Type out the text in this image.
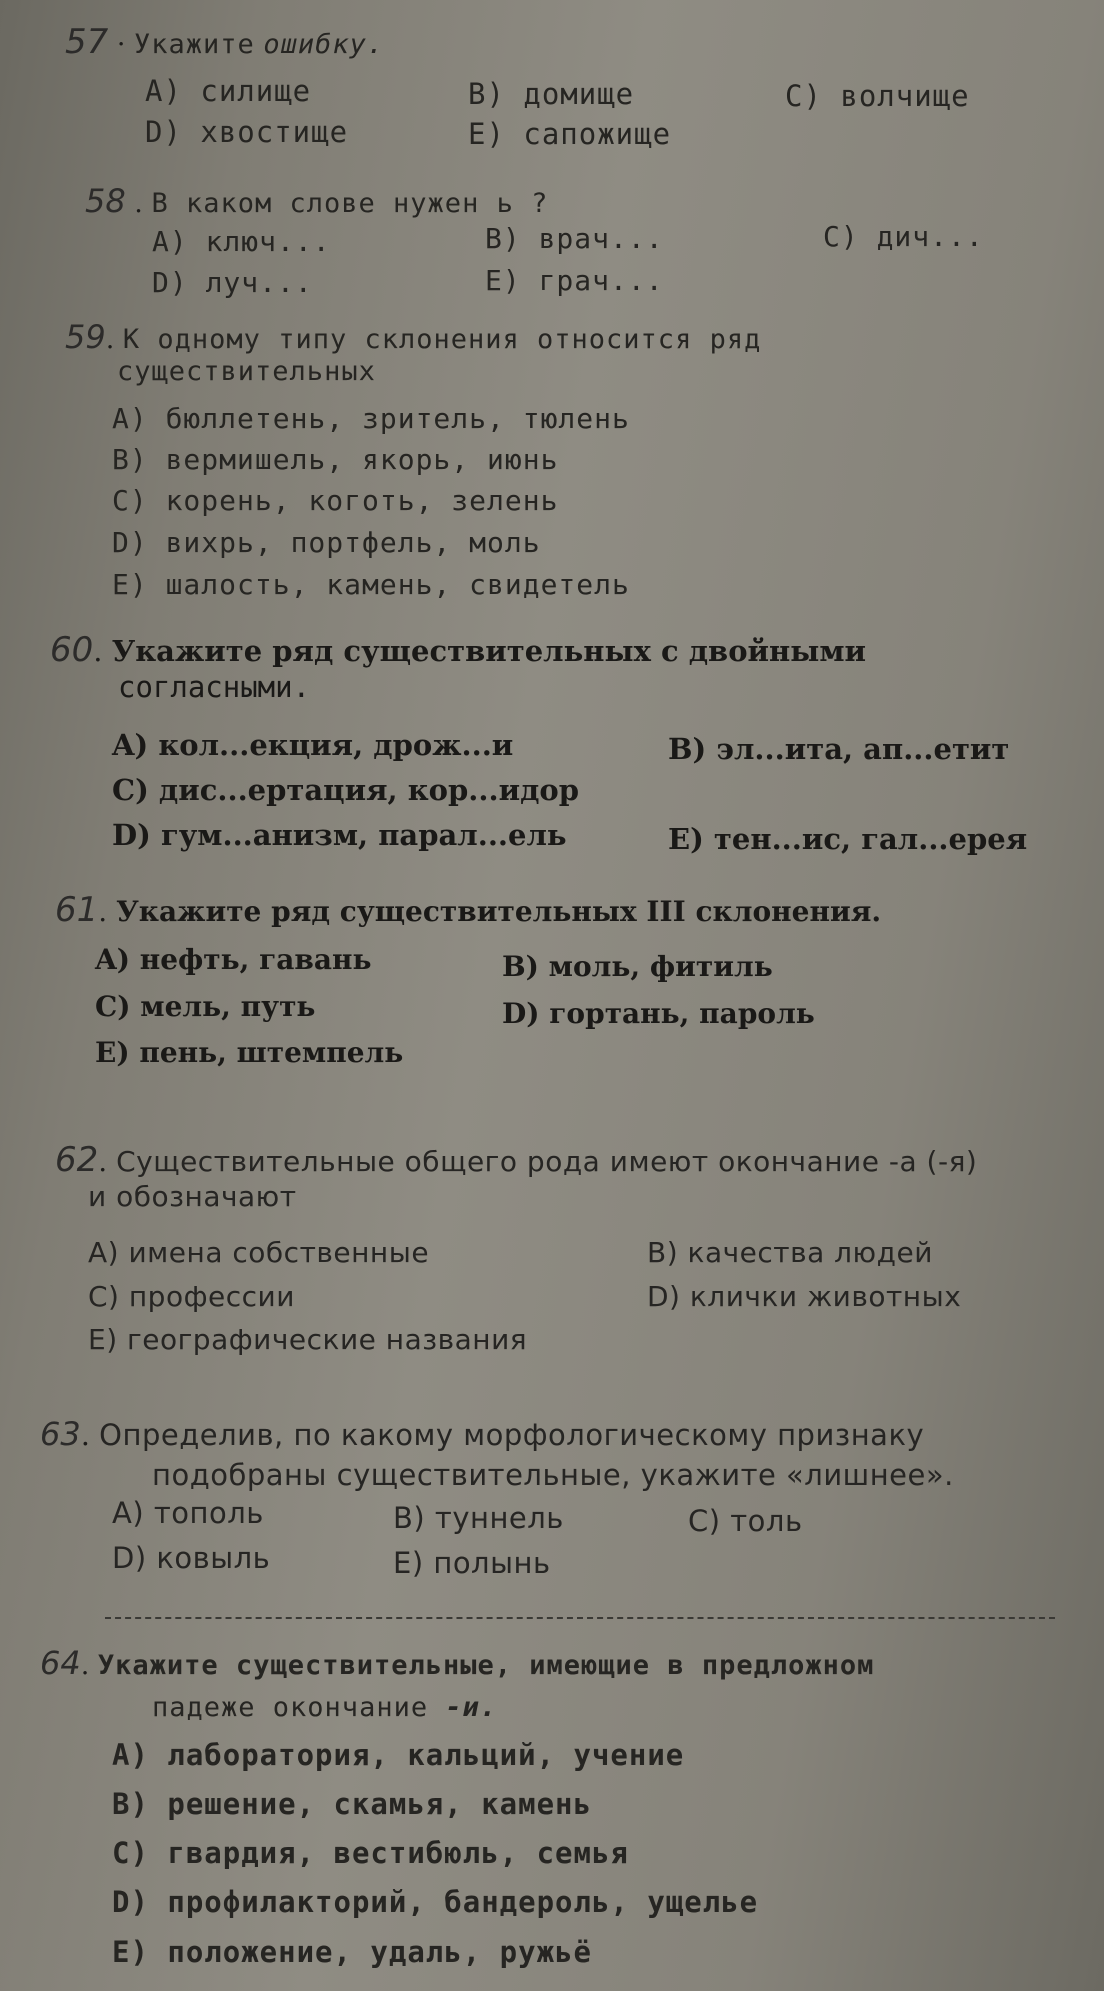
57 · Укажите ошибку.
A) силище	B) домище	C) волчище
D) хвостище	E) сапожище
58 . В каком слове нужен ь ?
A) ключ...	B) врач...	C) дич...
D) луч...	E) грач...
59. К одному типу склонения относится ряд
существительных
A) бюллетень, зритель, тюлень
B) вермишель, якорь, июнь
C) корень, коготь, зелень
D) вихрь, портфель, моль
E) шалость, камень, свидетель
60. Укажите ряд существительных с двойными
согласными.
A) кол...екция, дрож...и	B) эл...ита, ап...етит
C) дис...ертация, кор...идор
D) гум...анизм, парал...ель	E) тен...ис, гал...ерея
61. Укажите ряд существительных III склонения.
A) нефть, гавань	B) моль, фитиль
C) мель, путь	D) гортань, пароль
E) пень, штемпель
62. Существительные общего рода имеют окончание -а (-я)
и обозначают
A) имена собственные	B) качества людей
C) профессии	D) клички животных
E) географические названия
63. Определив, по какому морфологическому признаку
подобраны существительные, укажите «лишнее».
A) тополь	B) туннель	C) толь
D) ковыль	E) полынь
64. Укажите существительные, имеющие в предложном
падеже окончание -и.
A) лаборатория, кальций, учение
B) решение, скамья, камень
C) гвардия, вестибюль, семья
D) профилакторий, бандероль, ущелье
E) положение, удаль, ружьё
